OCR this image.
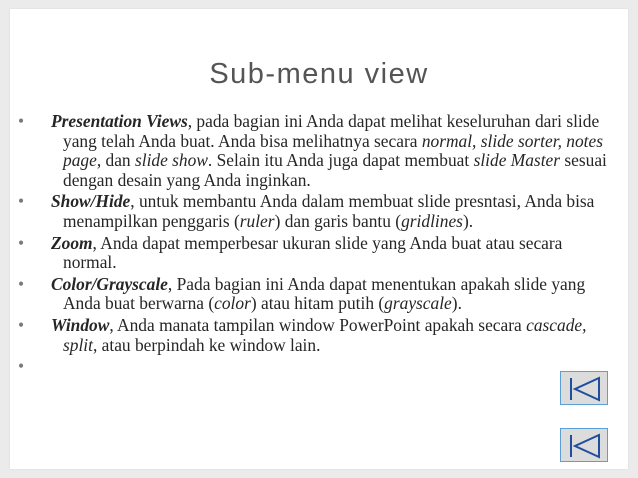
Sub-menu view
• Presentation Views, pada bagian ini Anda dapat melihat keseluruhan dari slide yang telah Anda buat. Anda bisa melihatnya secara normal, slide sorter, notes page, dan slide show. Selain itu Anda juga dapat membuat slide Master sesuai dengan desain yang Anda inginkan.
• Show/Hide, untuk membantu Anda dalam membuat slide presntasi, Anda bisa menampilkan penggaris (ruler) dan garis bantu (gridlines).
• Zoom, Anda dapat memperbesar ukuran slide yang Anda buat atau secara normal.
• Color/Grayscale, Pada bagian ini Anda dapat menentukan apakah slide yang Anda buat berwarna (color) atau hitam putih (grayscale).
• Window, Anda manata tampilan window PowerPoint apakah secara cascade, split, atau berpindah ke window lain.
•
